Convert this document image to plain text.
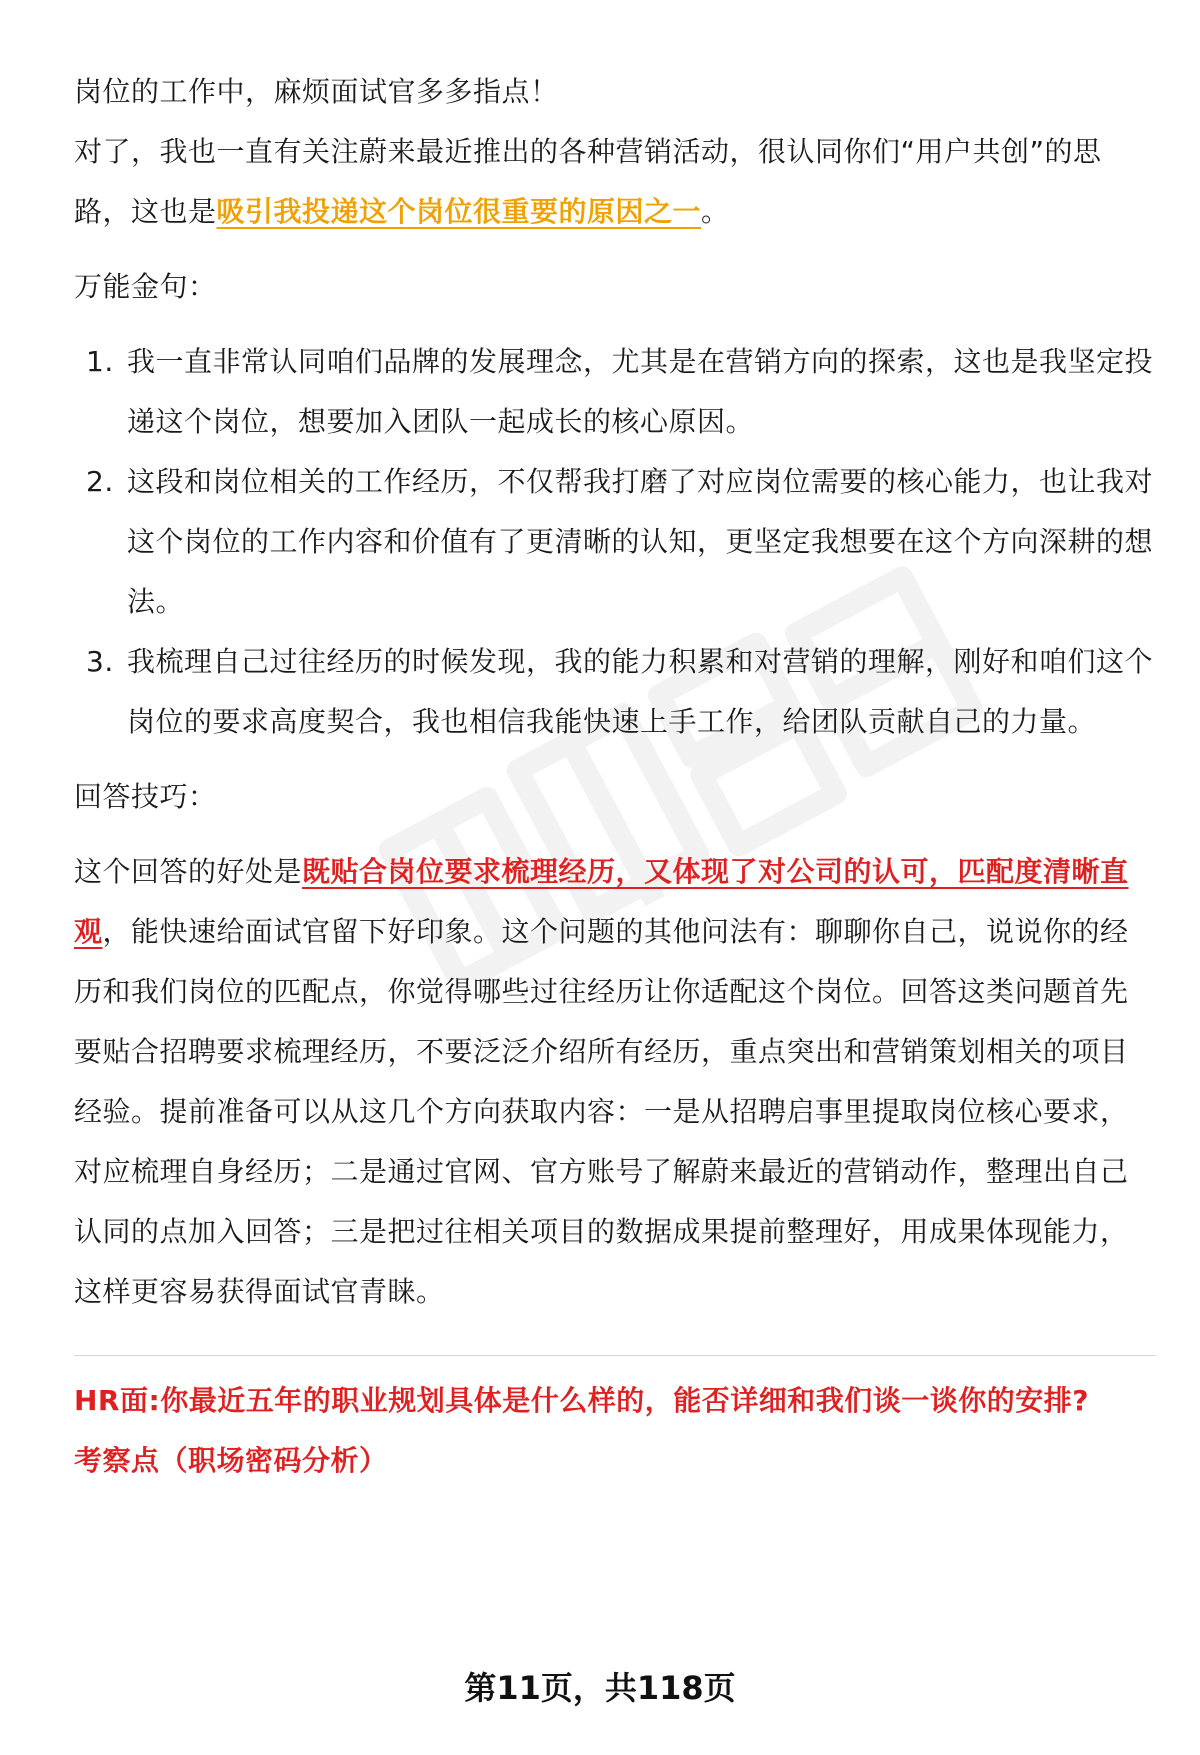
岗位的工作中，麻烦面试官多多指点！

对了，我也一直有关注蔚来最近推出的各种营销活动，很认同你们“用户共创”的思路，这也是吸引我投递这个岗位很重要的原因之一。

万能金句：

1. 我一直非常认同咱们品牌的发展理念，尤其是在营销方向的探索，这也是我坚定投递这个岗位，想要加入团队一起成长的核心原因。
2. 这段和岗位相关的工作经历，不仅帮我打磨了对应岗位需要的核心能力，也让我对这个岗位的工作内容和价值有了更清晰的认知，更坚定我想要在这个方向深耕的想法。
3. 我梳理自己过往经历的时候发现，我的能力积累和对营销的理解，刚好和咱们这个岗位的要求高度契合，我也相信我能快速上手工作，给团队贡献自己的力量。

回答技巧：

这个回答的好处是既贴合岗位要求梳理经历，又体现了对公司的认可，匹配度清晰直观，能快速给面试官留下好印象。这个问题的其他问法有：聊聊你自己，说说你的经历和我们岗位的匹配点，你觉得哪些过往经历让你适配这个岗位。回答这类问题首先要贴合招聘要求梳理经历，不要泛泛介绍所有经历，重点突出和营销策划相关的项目经验。提前准备可以从这几个方向获取内容：一是从招聘启事里提取岗位核心要求，对应梳理自身经历；二是通过官网、官方账号了解蔚来最近的营销动作，整理出自己认同的点加入回答；三是把过往相关项目的数据成果提前整理好，用成果体现能力，这样更容易获得面试官青睐。

HR面:你最近五年的职业规划具体是什么样的，能否详细和我们谈一谈你的安排?

考察点（职场密码分析）

第11页，共118页
